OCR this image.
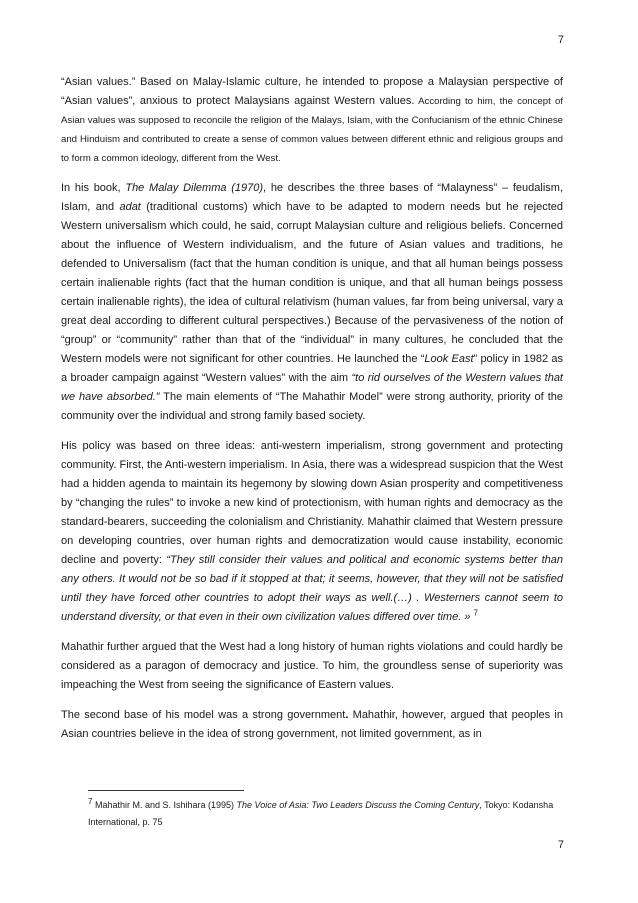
7

“Asian values.” Based on Malay-Islamic culture, he intended to propose a Malaysian perspective of “Asian values”, anxious to protect Malaysians against Western values. According to him, the concept of Asian values was supposed to reconcile the religion of the Malays, Islam, with the Confucianism of the ethnic Chinese and Hinduism and contributed to create a sense of common values between different ethnic and religious groups and to form a common ideology, different from the West.

In his book, The Malay Dilemma (1970), he describes the three bases of “Malayness” – feudalism, Islam, and adat (traditional customs) which have to be adapted to modern needs but he rejected Western universalism which could, he said, corrupt Malaysian culture and religious beliefs. Concerned about the influence of Western individualism, and the future of Asian values and traditions, he defended to Universalism (fact that the human condition is unique, and that all human beings possess certain inalienable rights (fact that the human condition is unique, and that all human beings possess certain inalienable rights), the idea of cultural relativism (human values, far from being universal, vary a great deal according to different cultural perspectives.) Because of the pervasiveness of the notion of “group” or “community” rather than that of the “individual” in many cultures, he concluded that the Western models were not significant for other countries. He launched the “Look East” policy in 1982 as a broader campaign against “Western values” with the aim “to rid ourselves of the Western values that we have absorbed.” The main elements of “The Mahathir Model” were strong authority, priority of the community over the individual and strong family based society.

His policy was based on three ideas: anti-western imperialism, strong government and protecting community. First, the Anti-western imperialism. In Asia, there was a widespread suspicion that the West had a hidden agenda to maintain its hegemony by slowing down Asian prosperity and competitiveness by “changing the rules” to invoke a new kind of protectionism, with human rights and democracy as the standard-bearers, succeeding the colonialism and Christianity. Mahathir claimed that Western pressure on developing countries, over human rights and democratization would cause instability, economic decline and poverty: “They still consider their values and political and economic systems better than any others. It would not be so bad if it stopped at that; it seems, however, that they will not be satisfied until they have forced other countries to adopt their ways as well.(…) . Westerners cannot seem to understand diversity, or that even in their own civilization values differed over time. » $^7$

Mahathir further argued that the West had a long history of human rights violations and could hardly be considered as a paragon of democracy and justice. To him, the groundless sense of superiority was impeaching the West from seeing the significance of Eastern values.

The second base of his model was a strong government. Mahathir, however, argued that peoples in Asian countries believe in the idea of strong government, not limited government, as in

$^7$ Mahathir M. and S. Ishihara (1995) The Voice of Asia: Two Leaders Discuss the Coming Century, Tokyo: Kodansha International, p. 75
7
